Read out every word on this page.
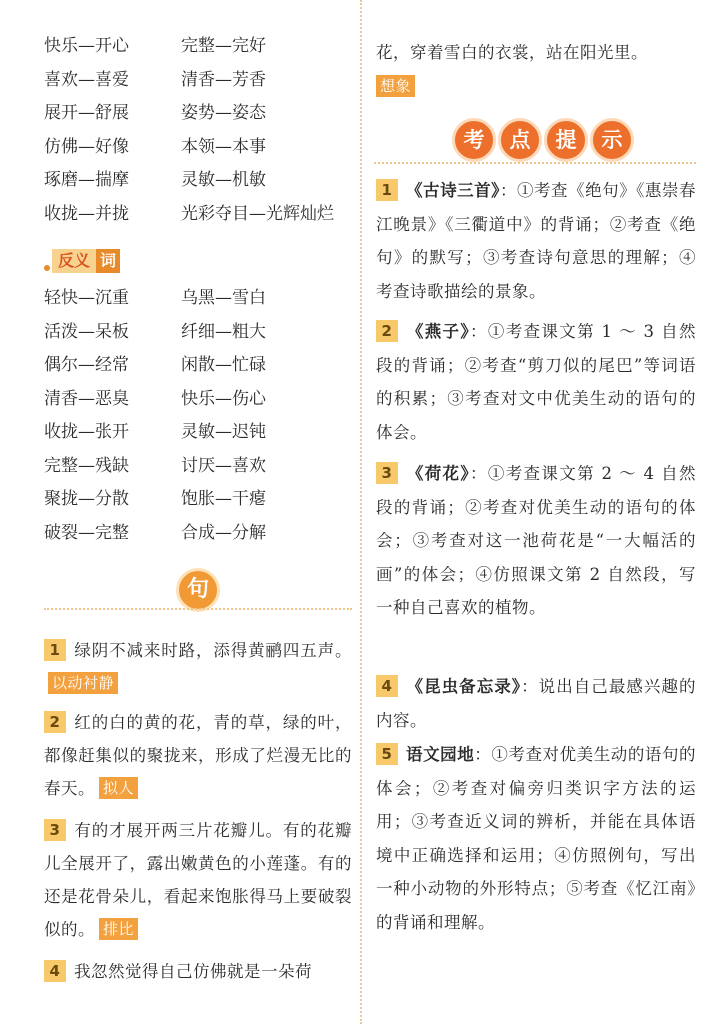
快乐—开心	完整—完好
喜欢—喜爱	清香—芳香
展开—舒展	姿势—姿态
仿佛—好像	本领—本事
琢磨—揣摩	灵敏—机敏
收拢—并拢	光彩夺目—光辉灿烂
反义 词
轻快—沉重	乌黑—雪白
活泼—呆板	纤细—粗大
偶尔—经常	闲散—忙碌
清香—恶臭	快乐—伤心
收拢—张开	灵敏—迟钝
完整—残缺	讨厌—喜欢
聚拢—分散	饱胀—干瘪
破裂—完整	合成—分解
句
1 绿阴不减来时路，添得黄鹂四五声。以动衬静
2 红的白的黄的花，青的草，绿的叶，都像赶集似的聚拢来，形成了烂漫无比的春天。 拟人
3 有的才展开两三片花瓣儿。有的花瓣儿全展开了，露出嫩黄色的小莲蓬。有的还是花骨朵儿，看起来饱胀得马上要破裂似的。 排比
4 我忽然觉得自己仿佛就是一朵荷
花，穿着雪白的衣裳，站在阳光里。
想象
考	点	提	示
1 《古诗三首》：①考查《绝句》《惠崇春江晚景》《三衢道中》的背诵；②考查《绝句》的默写；③考查诗句意思的理解；④考查诗歌描绘的景象。
2 《燕子》：①考查课文第 1 ～ 3 自然段的背诵；②考查“剪刀似的尾巴”等词语的积累；③考查对文中优美生动的语句的体会。
3 《荷花》：①考查课文第 2 ～ 4 自然段的背诵；②考查对优美生动的语句的体会；③考查对这一池荷花是“一大幅活的画”的体会；④仿照课文第 2 自然段，写一种自己喜欢的植物。
4 《昆虫备忘录》：说出自己最感兴趣的内容。
5 语文园地：①考查对优美生动的语句的体会；②考查对偏旁归类识字方法的运用；③考查近义词的辨析，并能在具体语境中正确选择和运用；④仿照例句，写出一种小动物的外形特点；⑤考查《忆江南》的背诵和理解。
